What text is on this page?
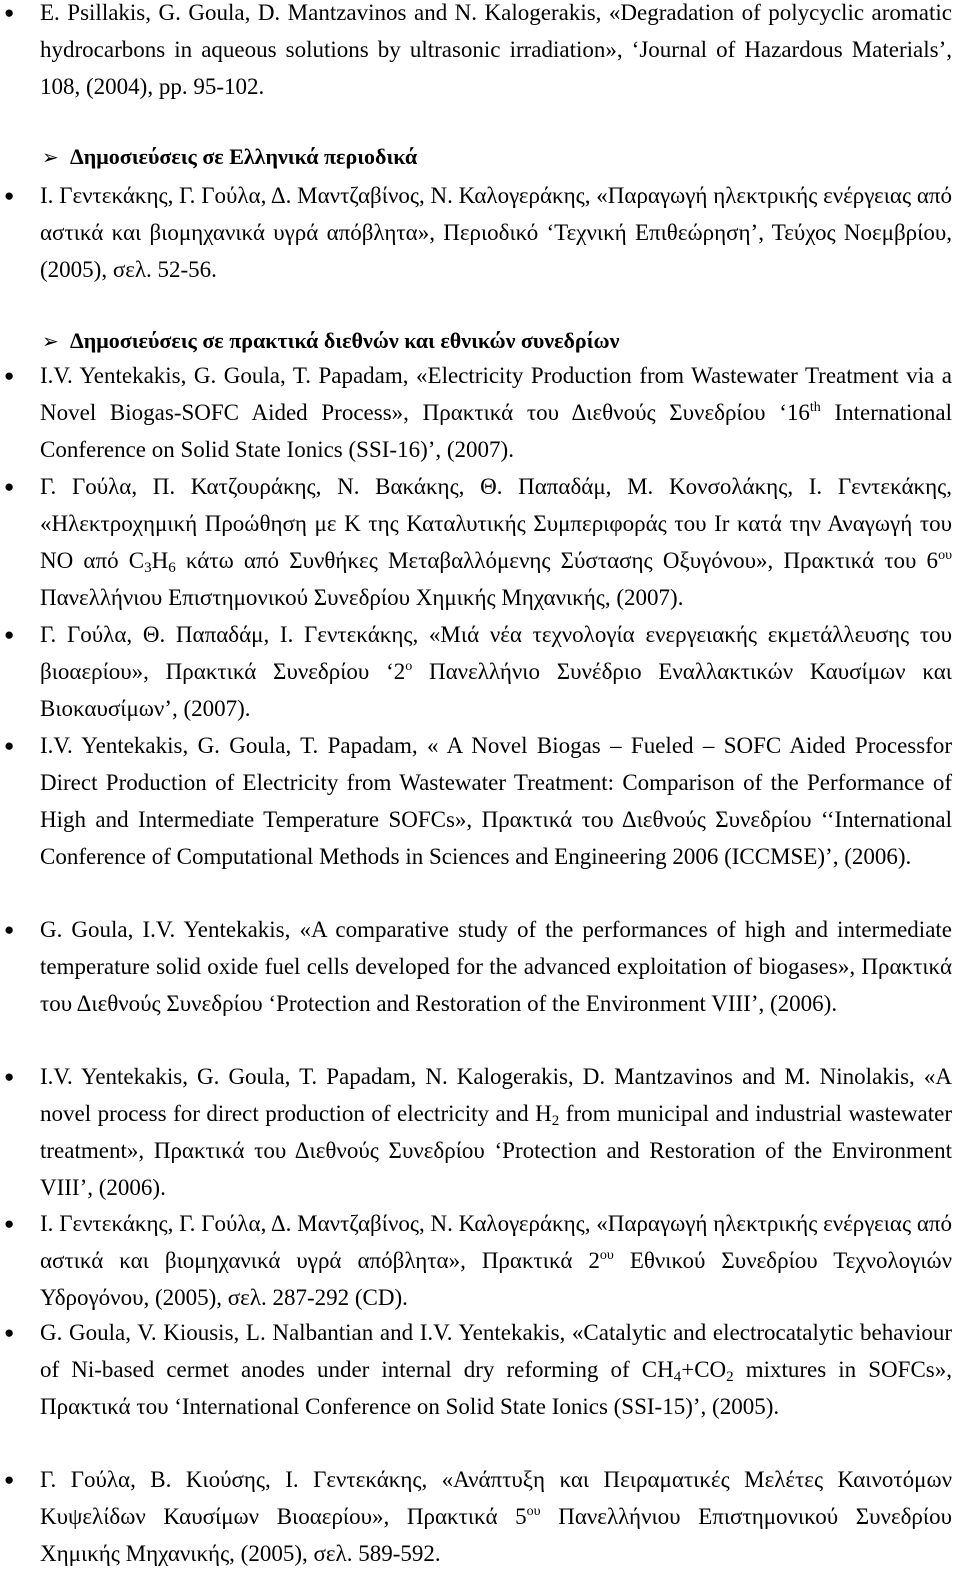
● E. Psillakis, G. Goula, D. Mantzavinos and N. Kalogerakis, «Degradation of polycyclic aromatic hydrocarbons in aqueous solutions by ultrasonic irradiation», ‘Journal of Hazardous Materials’, 108, (2004), pp. 95-102.
➢ Δημοσιεύσεις σε Ελληνικά περιοδικά
● Ι. Γεντεκάκης, Γ. Γούλα, Δ. Μαντζαβίνος, Ν. Καλογεράκης, «Παραγωγή ηλεκτρικής ενέργειας από αστικά και βιομηχανικά υγρά απόβλητα», Περιοδικό ‘Τεχνική Επιθεώρηση’, Τεύχος Νοεμβρίου, (2005), σελ. 52-56.
➢ Δημοσιεύσεις σε πρακτικά διεθνών και εθνικών συνεδρίων
● I.V. Yentekakis, G. Goula, T. Papadam, «Electricity Production from Wastewater Treatment via a Novel Biogas-SOFC Aided Process», Πρακτικά του Διεθνούς Συνεδρίου ‘16th International Conference on Solid State Ionics (SSI-16)’, (2007).
● Γ. Γούλα, Π. Κατζουράκης, Ν. Βακάκης, Θ. Παπαδάμ, Μ. Κονσολάκης, Ι. Γεντεκάκης, «Ηλεκτροχημική Προώθηση με Κ της Καταλυτικής Συμπεριφοράς του Ir κατά την Αναγωγή του NO από $C_3H_6$ κάτω από Συνθήκες Μεταβαλλόμενης Σύστασης Οξυγόνου», Πρακτικά του $6^{o\upsilon}$ Πανελλήνιου Επιστημονικού Συνεδρίου Χημικής Μηχανικής, (2007).
● Γ. Γούλα, Θ. Παπαδάμ, Ι. Γεντεκάκης, «Μιά νέα τεχνολογία ενεργειακής εκμετάλλευσης του βιοαερίου», Πρακτικά Συνεδρίου ‘$2^o$ Πανελλήνιο Συνέδριο Εναλλακτικών Καυσίμων και Βιοκαυσίμων’, (2007).
● I.V. Yentekakis, G. Goula, T. Papadam, « A Novel Biogas – Fueled – SOFC Aided Processfor Direct Production of Electricity from Wastewater Treatment: Comparison of the Performance of High and Intermediate Temperature SOFCs», Πρακτικά του Διεθνούς Συνεδρίου ‘‘International Conference of Computational Methods in Sciences and Engineering 2006 (ICCMSE)’, (2006).
● G. Goula, I.V. Yentekakis, «A comparative study of the performances of high and intermediate temperature solid oxide fuel cells developed for the advanced exploitation of biogases», Πρακτικά του Διεθνούς Συνεδρίου ‘Protection and Restoration of the Environment VIII’, (2006).
● I.V. Yentekakis, G. Goula, T. Papadam, N. Kalogerakis, D. Mantzavinos and M. Ninolakis, «A novel process for direct production of electricity and $H_2$ from municipal and industrial wastewater treatment», Πρακτικά του Διεθνούς Συνεδρίου ‘Protection and Restoration of the Environment VIII’, (2006).
● Ι. Γεντεκάκης, Γ. Γούλα, Δ. Μαντζαβίνος, Ν. Καλογεράκης, «Παραγωγή ηλεκτρικής ενέργειας από αστικά και βιομηχανικά υγρά απόβλητα», Πρακτικά $2^{o\upsilon}$ Εθνικού Συνεδρίου Τεχνολογιών Υδρογόνου, (2005), σελ. 287-292 (CD).
● G. Goula, V. Kiousis, L. Nalbantian and I.V. Yentekakis, «Catalytic and electrocatalytic behaviour of Ni-based cermet anodes under internal dry reforming of $CH_4+CO_2$ mixtures in SOFCs», Πρακτικά του ‘International Conference on Solid State Ionics (SSI-15)’, (2005).
● Γ. Γούλα, Β. Κιούσης, Ι. Γεντεκάκης, «Ανάπτυξη και Πειραματικές Μελέτες Καινοτόμων Κυψελίδων Καυσίμων Βιοαερίου», Πρακτικά $5^{o\upsilon}$ Πανελλήνιου Επιστημονικού Συνεδρίου Χημικής Μηχανικής, (2005), σελ. 589-592.
